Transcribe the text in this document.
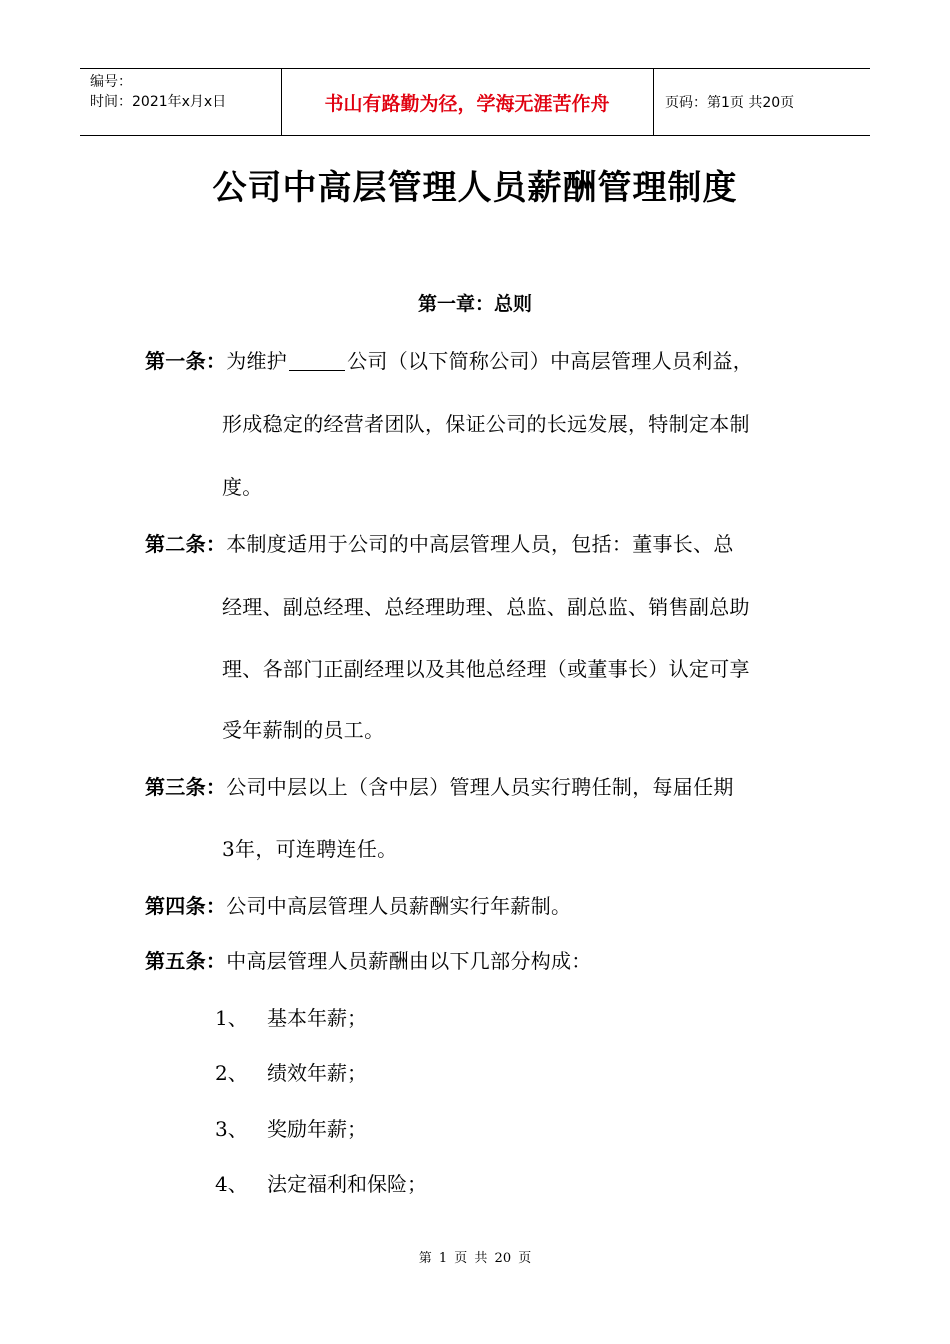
编号：
时间：2021年x月x日	书山有路勤为径，学海无涯苦作舟	页码：第1页 共20页
公司中高层管理人员薪酬管理制度
第一章：总则
第一条：为维护	公司（以下简称公司）中高层管理人员利益，
形成稳定的经营者团队，保证公司的长远发展，特制定本制
度。
第二条：本制度适用于公司的中高层管理人员，包括：董事长、总
经理、副总经理、总经理助理、总监、副总监、销售副总助
理、各部门正副经理以及其他总经理（或董事长）认定可享
受年薪制的员工。
第三条：公司中层以上（含中层）管理人员实行聘任制，每届任期
3年，可连聘连任。
第四条：公司中高层管理人员薪酬实行年薪制。
第五条：中高层管理人员薪酬由以下几部分构成：
1、 基本年薪；
2、 绩效年薪；
3、 奖励年薪；
4、 法定福利和保险；
第 1 页 共 20 页
